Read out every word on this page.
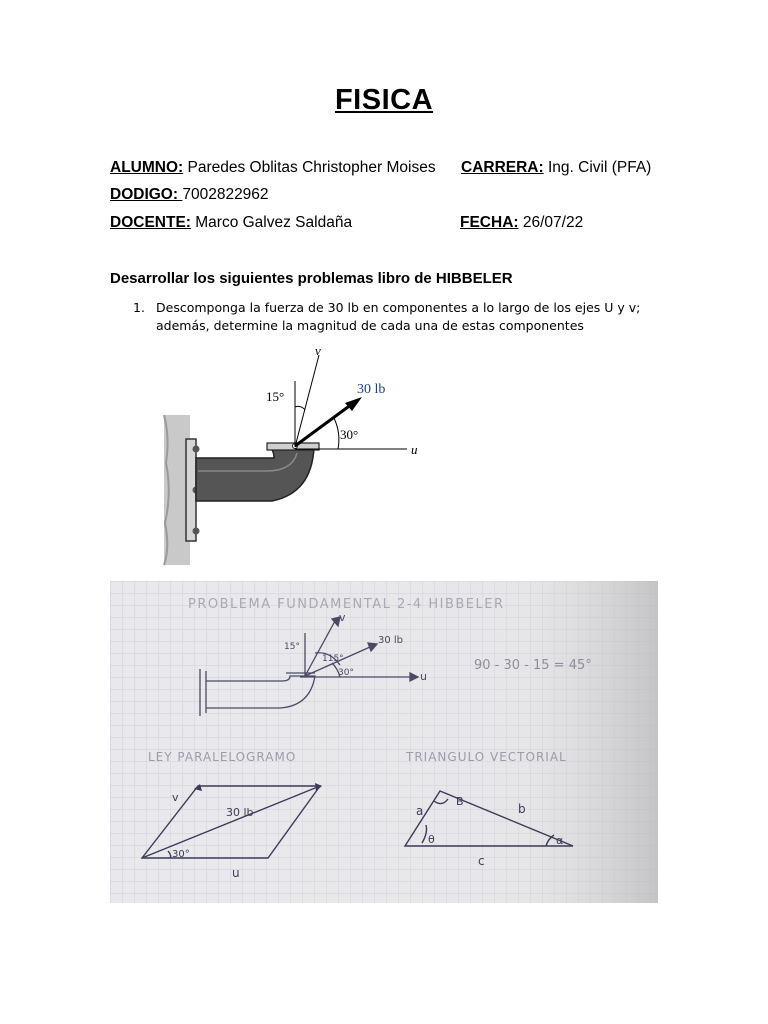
FISICA
ALUMNO: Paredes Oblitas Christopher Moises CARRERA: Ing. Civil (PFA)
DODIGO: 7002822962
DOCENTE: Marco Galvez Saldaña	FECHA: 26/07/22
Desarrollar los siguientes problemas libro de HIBBELER
1. Descomponga la fuerza de 30 lb en componentes a lo largo de los ejes U y v; además, determine la magnitud de cada una de estas componentes
u
v
15°	30 lb
30°
PROBLEMA FUNDAMENTAL 2-4 HIBBELER
15°
115°
30°
30 lb
v
u
90 - 30 - 15 = 45°
LEY PARALELOGRAMO	TRIANGULO VECTORIAL
v
30 lb
30°
u
a	b
c
B
θ	α
